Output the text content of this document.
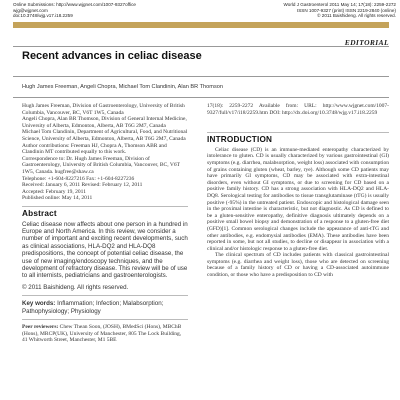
Online Submissions: http://www.wjgnet.com/1007-9327office
wjg@wjgnet.com
doi:10.3748/wjg.v17.i18.2259
World J Gastroenterol 2011 May 14; 17(18): 2259-2272
ISSN 1007-9327 (print) ISSN 2219-2840 (online)
© 2011 Baishideng. All rights reserved.
EDITORIAL
Recent advances in celiac disease
Hugh James Freeman, Angeli Chopra, Michael Tom Clandinin, Alan BR Thomson

Hugh James Freeman, Division of Gastroenterology, University of British Columbia, Vancouver, BC, V6T 1W5, Canada

Angeli Chopra, Alan BR Thomson, Division of General Internal Medicine, University of Alberta, Edmonton, Alberta, AB T6G 2M7, Canada

Michael Tom Clandinin, Department of Agricultural, Food, and Nutritional Science, University of Alberta, Edmonton, Alberta, AB T6G 2M7, Canada

Author contributions: Freeman HJ, Chopra A, Thomson ABR and Clandinin MT contributed equally to this work.

Correspondence to: Dr. Hugh James Freeman, Division of Gastroenterology, University of British Columbia, Vancouver, BC, V6T 1W5, Canada. hugfree@shaw.ca

Telephone: +1-604-8227216 Fax: +1-604-8227236

Received: January 6, 2011 Revised: February 12, 2011

Accepted: February 19, 2011

Published online: May 14, 2011

Abstract

Celiac disease now affects about one person in a hundred in Europe and North America. In this review, we consider a number of important and exciting recent developments, such as clinical associations, HLA-DQ2 and HLA-DQ8 predispositions, the concept of potential celiac disease, the use of new imaging/endoscopy techniques, and the development of refractory disease. This review will be of use to all internists, pediatricians and gastroenterologists.

© 2011 Baishideng. All rights reserved.

Key words: Inflammation; Infection; Malabsorption; Pathophysiology; Physiology

Peer reviewers: Chew Thean Soon, (JOSH), BMedSci (Hons), MBChB (Hons), MRCP(UK), University of Manchester, 805 The Lock Building, 41 Whitworth Street, Manchester, M1 5BE

17(18): 2259-2272 Available from: URL: http://www.wjgnet.com/1007-9327/full/v17/i18/2259.htm DOI: http://dx.doi.org/10.3748/wjg.v17.i18.2259

INTRODUCTION

Celiac disease (CD) is an immune-mediated enteropathy characterized by intolerance to gluten. CD is usually characterized by various gastrointestinal (GI) symptoms (e.g. diarrhea, malabsorption, weight loss) associated with consumption of grains containing gluten (wheat, barley, rye). Although some CD patients may have primarily GI symptoms, CD may be associated with extra-intestinal disorders, even without GI symptoms, or due to screening for CD based on a positive family history. CD has a strong association with HLA-DQ2 and HLA-DQ8. Serological testing for antibodies to tissue transglutaminase (tTG) is usually positive (-95%) in the untreated patient. Endoscopic and histological damage seen in the proximal intestine is characteristic, but not diagnostic. As CD is defined to be a gluten-sensitive enteropathy, definitive diagnosis ultimately depends on a positive small bowel biopsy and demonstration of a response to a gluten-free diet (GFD)[1]. Common serological changes include the appearance of anti-tTG and other antibodies, e.g. endomysial antibodies (EMA). These antibodies have been reported in some, but not all studies, to decline or disappear in association with a clinical and/or histologic response to a gluten-free diet.

The clinical spectrum of CD includes patients with classical gastrointestinal symptoms (e.g. diarrhea and weight loss), those who are detected on screening because of a family history of CD or having a CD-associated autoimmune condition, or those who have a predisposition to CD with
